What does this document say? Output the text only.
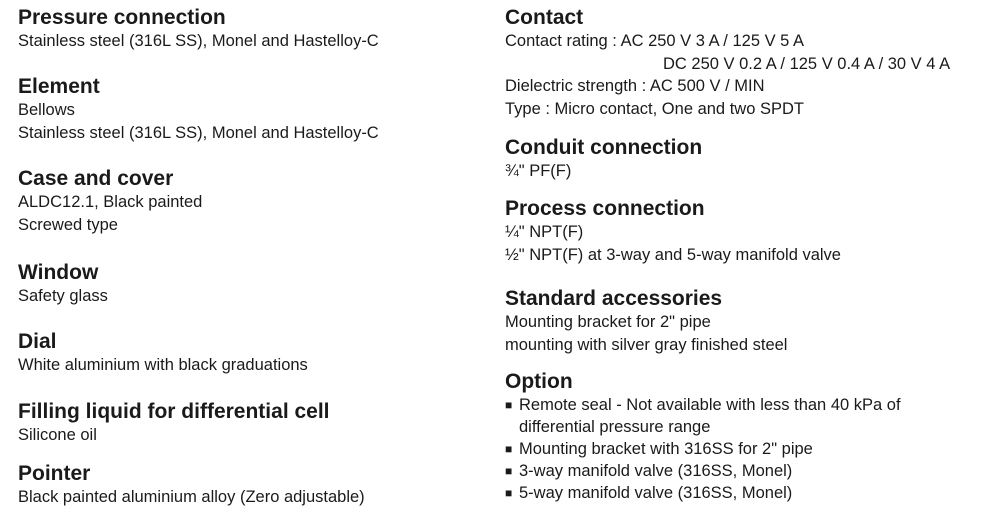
Pressure connection
Stainless steel (316L SS), Monel and Hastelloy-C
Element
Bellows
Stainless steel (316L SS), Monel and Hastelloy-C
Case and cover
ALDC12.1, Black painted
Screwed type
Window
Safety glass
Dial
White aluminium with black graduations
Filling liquid for differential cell
Silicone oil
Pointer
Black painted aluminium alloy (Zero adjustable)
Contact
Contact rating : AC 250 V 3 A / 125 V 5 A
DC 250 V 0.2 A / 125 V 0.4 A / 30 V 4 A
Dielectric strength : AC 500 V / MIN
Type : Micro contact, One and two SPDT
Conduit connection
¾" PF(F)
Process connection
¼" NPT(F)
½" NPT(F) at 3-way and 5-way manifold valve
Standard accessories
Mounting bracket for 2" pipe
mounting with silver gray finished steel
Option
■ Remote seal - Not available with less than 40 kPa of
differential pressure range
■ Mounting bracket with 316SS for 2" pipe
■ 3-way manifold valve (316SS, Monel)
■ 5-way manifold valve (316SS, Monel)
